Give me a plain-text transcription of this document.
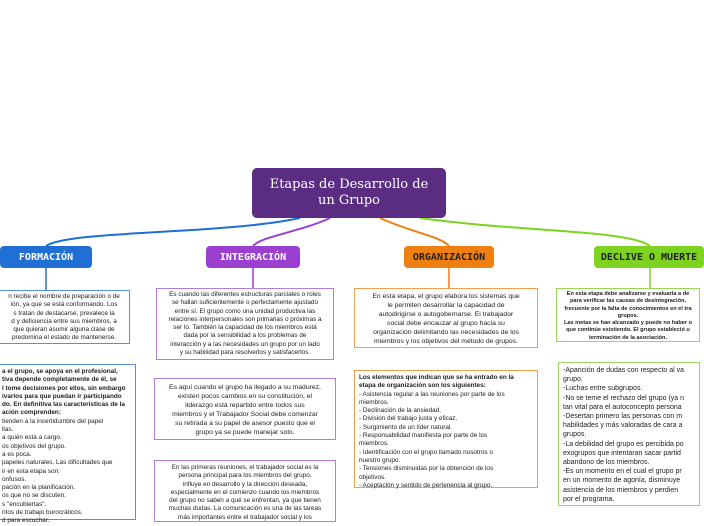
Etapas de Desarrollo de un Grupo
FORMACIÓN	INTEGRACIÓN	ORGANIZACIÓN	DECLIVE O MUERTE
n recibe el nombre de preparación o de
ión, ya que se está conformando. Los
s tratan de destacarse, prevalece la
d y deficiencia entre sus miembros, a
que quieran asumir alguna clase de
predomina el estado de mantenerse.
a el grupo, se apoya en el profesional,
tiva depende completamente de él, se
l tome decisiones por ellos, sin embargo
ivarlos para que puedan ir participando
do. En definitiva las características de la
ación comprenden:
tienden a la incertidumbre del papel
llas.
a quién está a cargo.
os objetivos del grupo.
a es poca.
papeles naturales. Las dificultades que
ir en esta etapa son:
onfusos.
pación en la planificación.
os que no se discuten.
s "encubiertas".
ntos de trabajo burocráticos.
d para escuchar.
Es cuando las diferentes estructuras parciales o roles
se hallan suficientemente o perfectamente ajustado
entre sí. El grupo como una unidad productiva las
relaciones interpersonales son primarias o próximas a
ser lo. También la capacidad de los miembros está
dada por la sensibilidad a los problemas de
interacción y a las necesidades un grupo por un lado
y su habilidad para resolverlos y satisfacerlos.
Es aquí cuando el grupo ha llegado a su madurez,
existen pocos cambios en su constitución, el
liderazgo está repartido entre todos sus
miembros y el Trabajador Social debe comenzar
su retirada a su papel de asesor puesto que el
grupo ya se puede manejar solo.
En las primeras reuniones, el trabajador social es la
persona principal para los miembros del grupo,
influye en desarrollo y la dirección deseada,
especialmente en el comienzo cuando los miembros
del grupo no saben a qué se enfrentan, ya que tienen
muchas dudas. La comunicación es una de las tareas
más importantes entre el trabajador social y los
En esta etapa, el grupo elabora los sistemas que
le permiten desarrollar la capacidad de
autodirigirse o autogobernarse. El trabajador
social debe encauzar al grupo hacia su
organización delimitando las necesidades de los
miembros y los objetivos del método de grupos.
Los elementos que indican que se ha entrado en la
etapa de organización son los siguientes:
- Asistencia regular a las reuniones por parte de los
miembros.
- Declinación de la ansiedad.
- División del trabajo justa y eficaz.
- Surgimiento de un líder natural.
- Responsabilidad manifiesta por parte de los
miembros.
- Identificación con el grupo llamado nosotros o
nuestro grupo.
- Tensiones disminuidas por la obtención de los
objetivos.
- Aceptación y sentido de pertenencia al grupo.
En esta etapa debe analizarse y evaluarla a de
para verificar las causas de desintegración,
frecuente por la falta de conocimientos en el tra
grupos.
Las metas se han alcanzado y puede no haber o
que continúe existiendo. El grupo estableció u
terminación de la asociación.
-Aparición de dudas con respecto al va
grupo.
-Luchas entre subgrupos.
-No se teme el rechazo del grupo (ya n
tan vital para el autoconcepto persona
-Desertan primero las personas con m
habilidades y más valoradas de cara a
grupos.
-La debilidad del grupo es percibida po
exogrupos que intentaran sacar partid
abandono de los miembros.
-Es un momento en el cual el grupo pr
en un momento de agonía, disminuye
asistencia de los miembros y perdien
por el programa.
